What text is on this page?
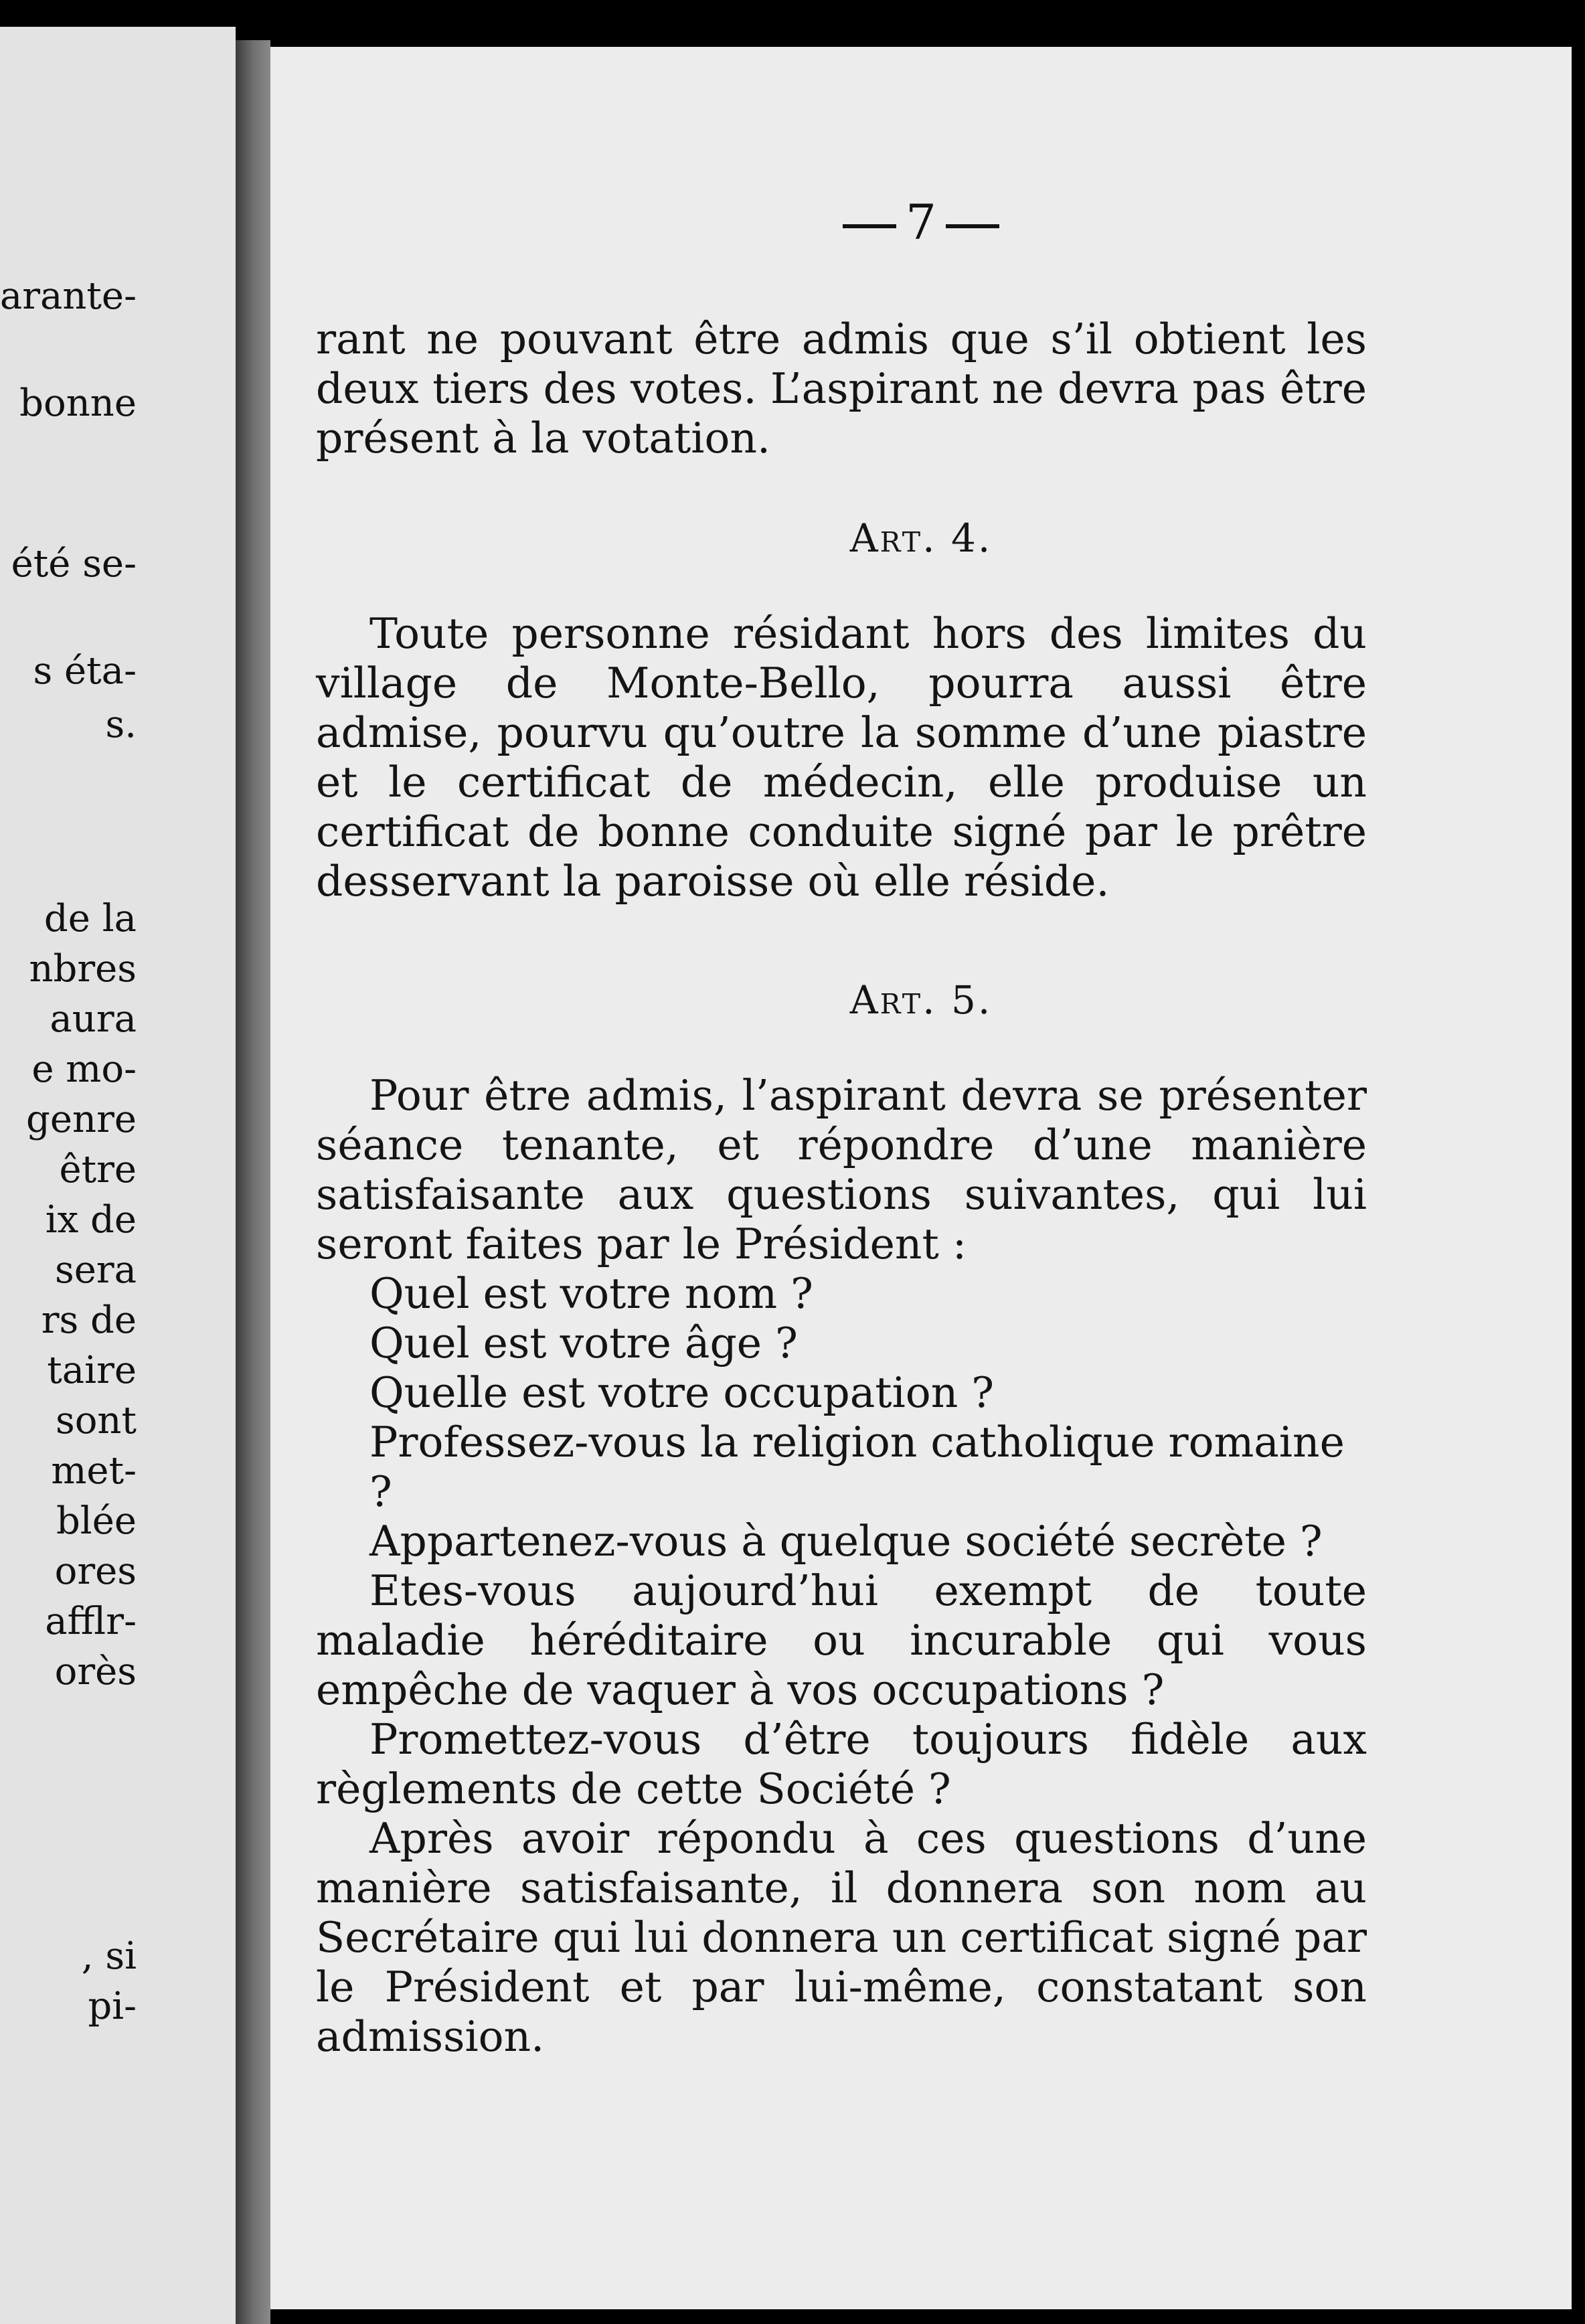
arante-

bonne

été se-

s éta-

s.

de la

nbres

aura

e mo-

genre

être

ix de

sera

rs de

taire

sont

met-

blée

ores

afflr-

orès

, si

pi-

7

rant ne pouvant être admis que s’il obtient les deux tiers des votes. L’aspirant ne devra pas être présent à la votation.

Art. 4.

Toute personne résidant hors des limites du village de Monte-Bello, pourra aussi être admise, pourvu qu’outre la somme d’une piastre et le certificat de médecin, elle produise un certificat de bonne conduite signé par le prêtre desservant la paroisse où elle réside.

Art. 5.

Pour être admis, l’aspirant devra se présenter séance tenante, et répondre d’une manière satisfaisante aux questions suivantes, qui lui seront faites par le Président :

Quel est votre nom ?

Quel est votre âge ?

Quelle est votre occupation ?

Professez-vous la religion catholique romaine ?

Appartenez-vous à quelque société secrète ?

Etes-vous aujourd’hui exempt de toute maladie héréditaire ou incurable qui vous empêche de vaquer à vos occupations ?

Promettez-vous d’être toujours fidèle aux règlements de cette Société ?

Après avoir répondu à ces questions d’une manière satisfaisante, il donnera son nom au Secrétaire qui lui donnera un certificat signé par le Président et par lui-même, constatant son admission.
